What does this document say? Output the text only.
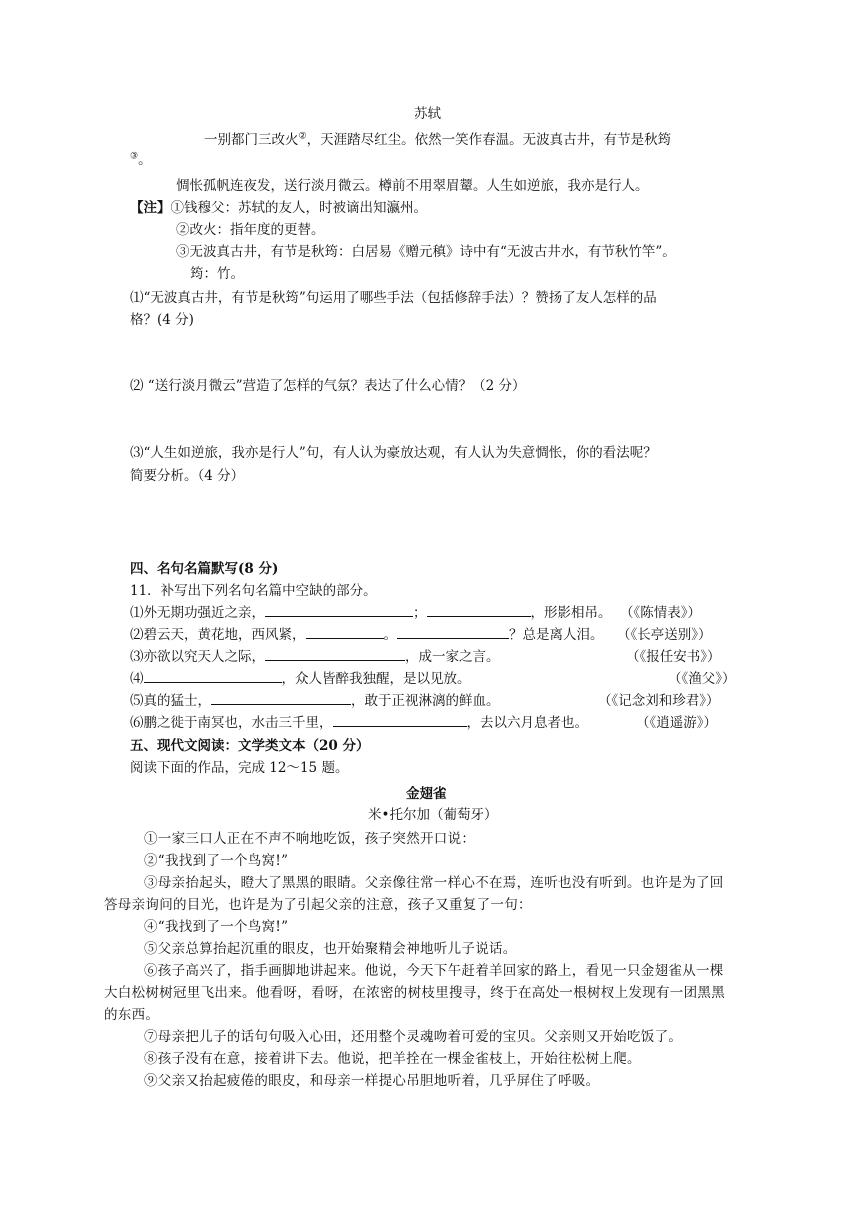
苏轼
一别都门三改火②，天涯踏尽红尘。依然一笑作春温。无波真古井，有节是秋筠
③。
惆怅孤帆连夜发，送行淡月微云。樽前不用翠眉颦。人生如逆旅，我亦是行人。
【注】①钱穆父：苏轼的友人，时被谪出知瀛州。
②改火：指年度的更替。
③无波真古井，有节是秋筠：白居易《赠元稹》诗中有“无波古井水，有节秋竹竿”。
筠：竹。
⑴“无波真古井，有节是秋筠”句运用了哪些手法（包括修辞手法）？赞扬了友人怎样的品
格？(4 分)
⑵ “送行淡月微云”营造了怎样的气氛？表达了什么心情？（2 分）
⑶“人生如逆旅，我亦是行人”句，有人认为豪放达观，有人认为失意惆怅，你的看法呢？
简要分析。（4 分）
四、名句名篇默写(8 分)
11．补写出下列名句名篇中空缺的部分。
⑴外无期功强近之亲，	；	，形影相吊。 （《陈情表》）
⑵碧云天，黄花地，西风紧，	。	？总是离人泪。 （《长亭送别》）
⑶亦欲以究天人之际，	，成一家之言。	（《报任安书》）
⑷	，众人皆醉我独醒，是以见放。	（《渔父》）
⑸真的猛士，	，敢于正视淋漓的鲜血。	（《记念刘和珍君》）
⑹鹏之徙于南冥也，水击三千里，	，去以六月息者也。	（《逍遥游》）
五、现代文阅读：文学类文本（20 分）
阅读下面的作品，完成 12～15 题。
金翅雀
米•托尔加（葡萄牙）
①一家三口人正在不声不响地吃饭，孩子突然开口说：
②“我找到了一个鸟窝!”
③母亲抬起头，瞪大了黑黑的眼睛。父亲像往常一样心不在焉，连听也没有听到。也许是为了回答母亲询问的目光，也许是为了引起父亲的注意，孩子又重复了一句：
④“我找到了一个鸟窝!”
⑤父亲总算抬起沉重的眼皮，也开始聚精会神地听儿子说话。
⑥孩子高兴了，指手画脚地讲起来。他说，今天下午赶着羊回家的路上，看见一只金翅雀从一棵大白松树树冠里飞出来。他看呀，看呀，在浓密的树枝里搜寻，终于在高处一根树杈上发现有一团黑黑的东西。
⑦母亲把儿子的话句句吸入心田，还用整个灵魂吻着可爱的宝贝。父亲则又开始吃饭了。
⑧孩子没有在意，接着讲下去。他说，把羊拴在一棵金雀枝上，开始往松树上爬。
⑨父亲又抬起疲倦的眼皮，和母亲一样提心吊胆地听着，几乎屏住了呼吸。
